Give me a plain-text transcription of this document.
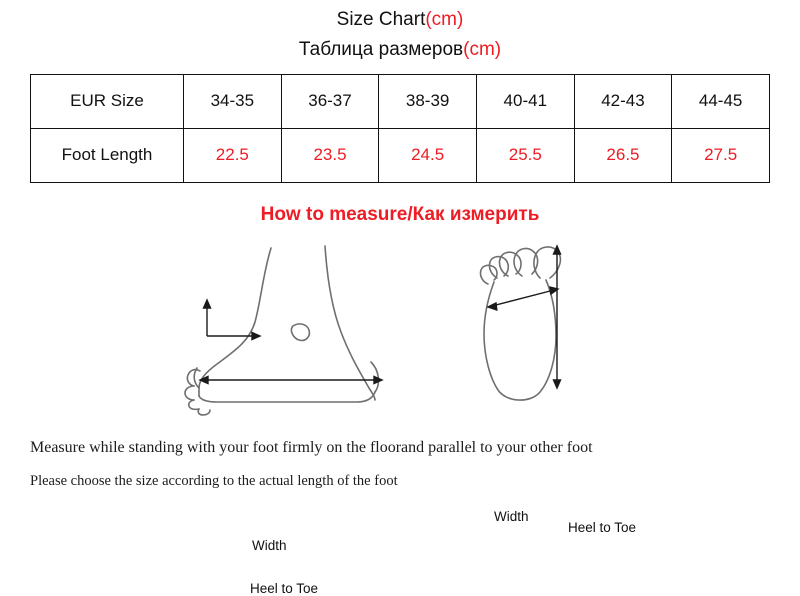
Size Chart(cm)
Таблица размеров(cm)
EUR Size	34-35	36-37	38-39	40-41	42-43	44-45
Foot Length	22.5	23.5	24.5	25.5	26.5	27.5
How to measure/Как измерить
Width
Heel to Toe
Width
Heel to Toe

Measure while standing with your foot firmly on the floorand parallel to your other foot

Please choose the size according to the actual length of the foot
